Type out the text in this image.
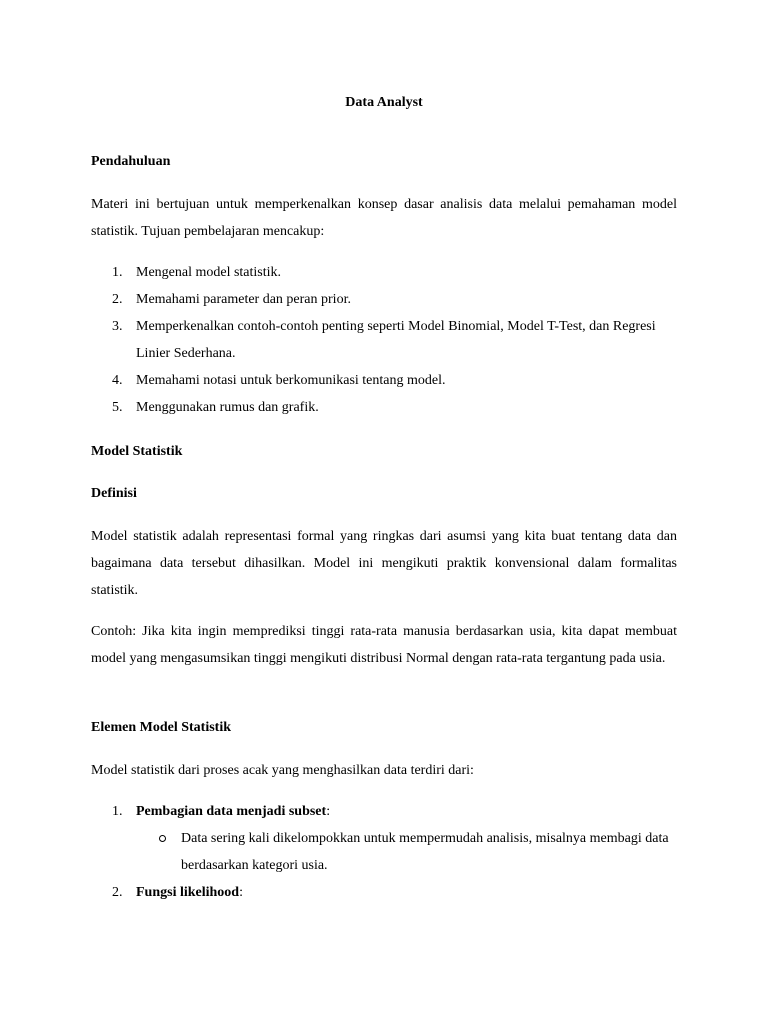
Data Analyst
Pendahuluan

Materi ini bertujuan untuk memperkenalkan konsep dasar analisis data melalui pemahaman model statistik. Tujuan pembelajaran mencakup:

1. Mengenal model statistik.
2. Memahami parameter dan peran prior.
3. Memperkenalkan contoh-contoh penting seperti Model Binomial, Model T-Test, dan Regresi Linier Sederhana.
4. Memahami notasi untuk berkomunikasi tentang model.
5. Menggunakan rumus dan grafik.
Model Statistik
Definisi

Model statistik adalah representasi formal yang ringkas dari asumsi yang kita buat tentang data dan bagaimana data tersebut dihasilkan. Model ini mengikuti praktik konvensional dalam formalitas statistik.

Contoh: Jika kita ingin memprediksi tinggi rata-rata manusia berdasarkan usia, kita dapat membuat model yang mengasumsikan tinggi mengikuti distribusi Normal dengan rata-rata tergantung pada usia.

Elemen Model Statistik

Model statistik dari proses acak yang menghasilkan data terdiri dari:

1. Pembagian data menjadi subset:
Data sering kali dikelompokkan untuk mempermudah analisis, misalnya membagi data berdasarkan kategori usia.
2. Fungsi likelihood:
